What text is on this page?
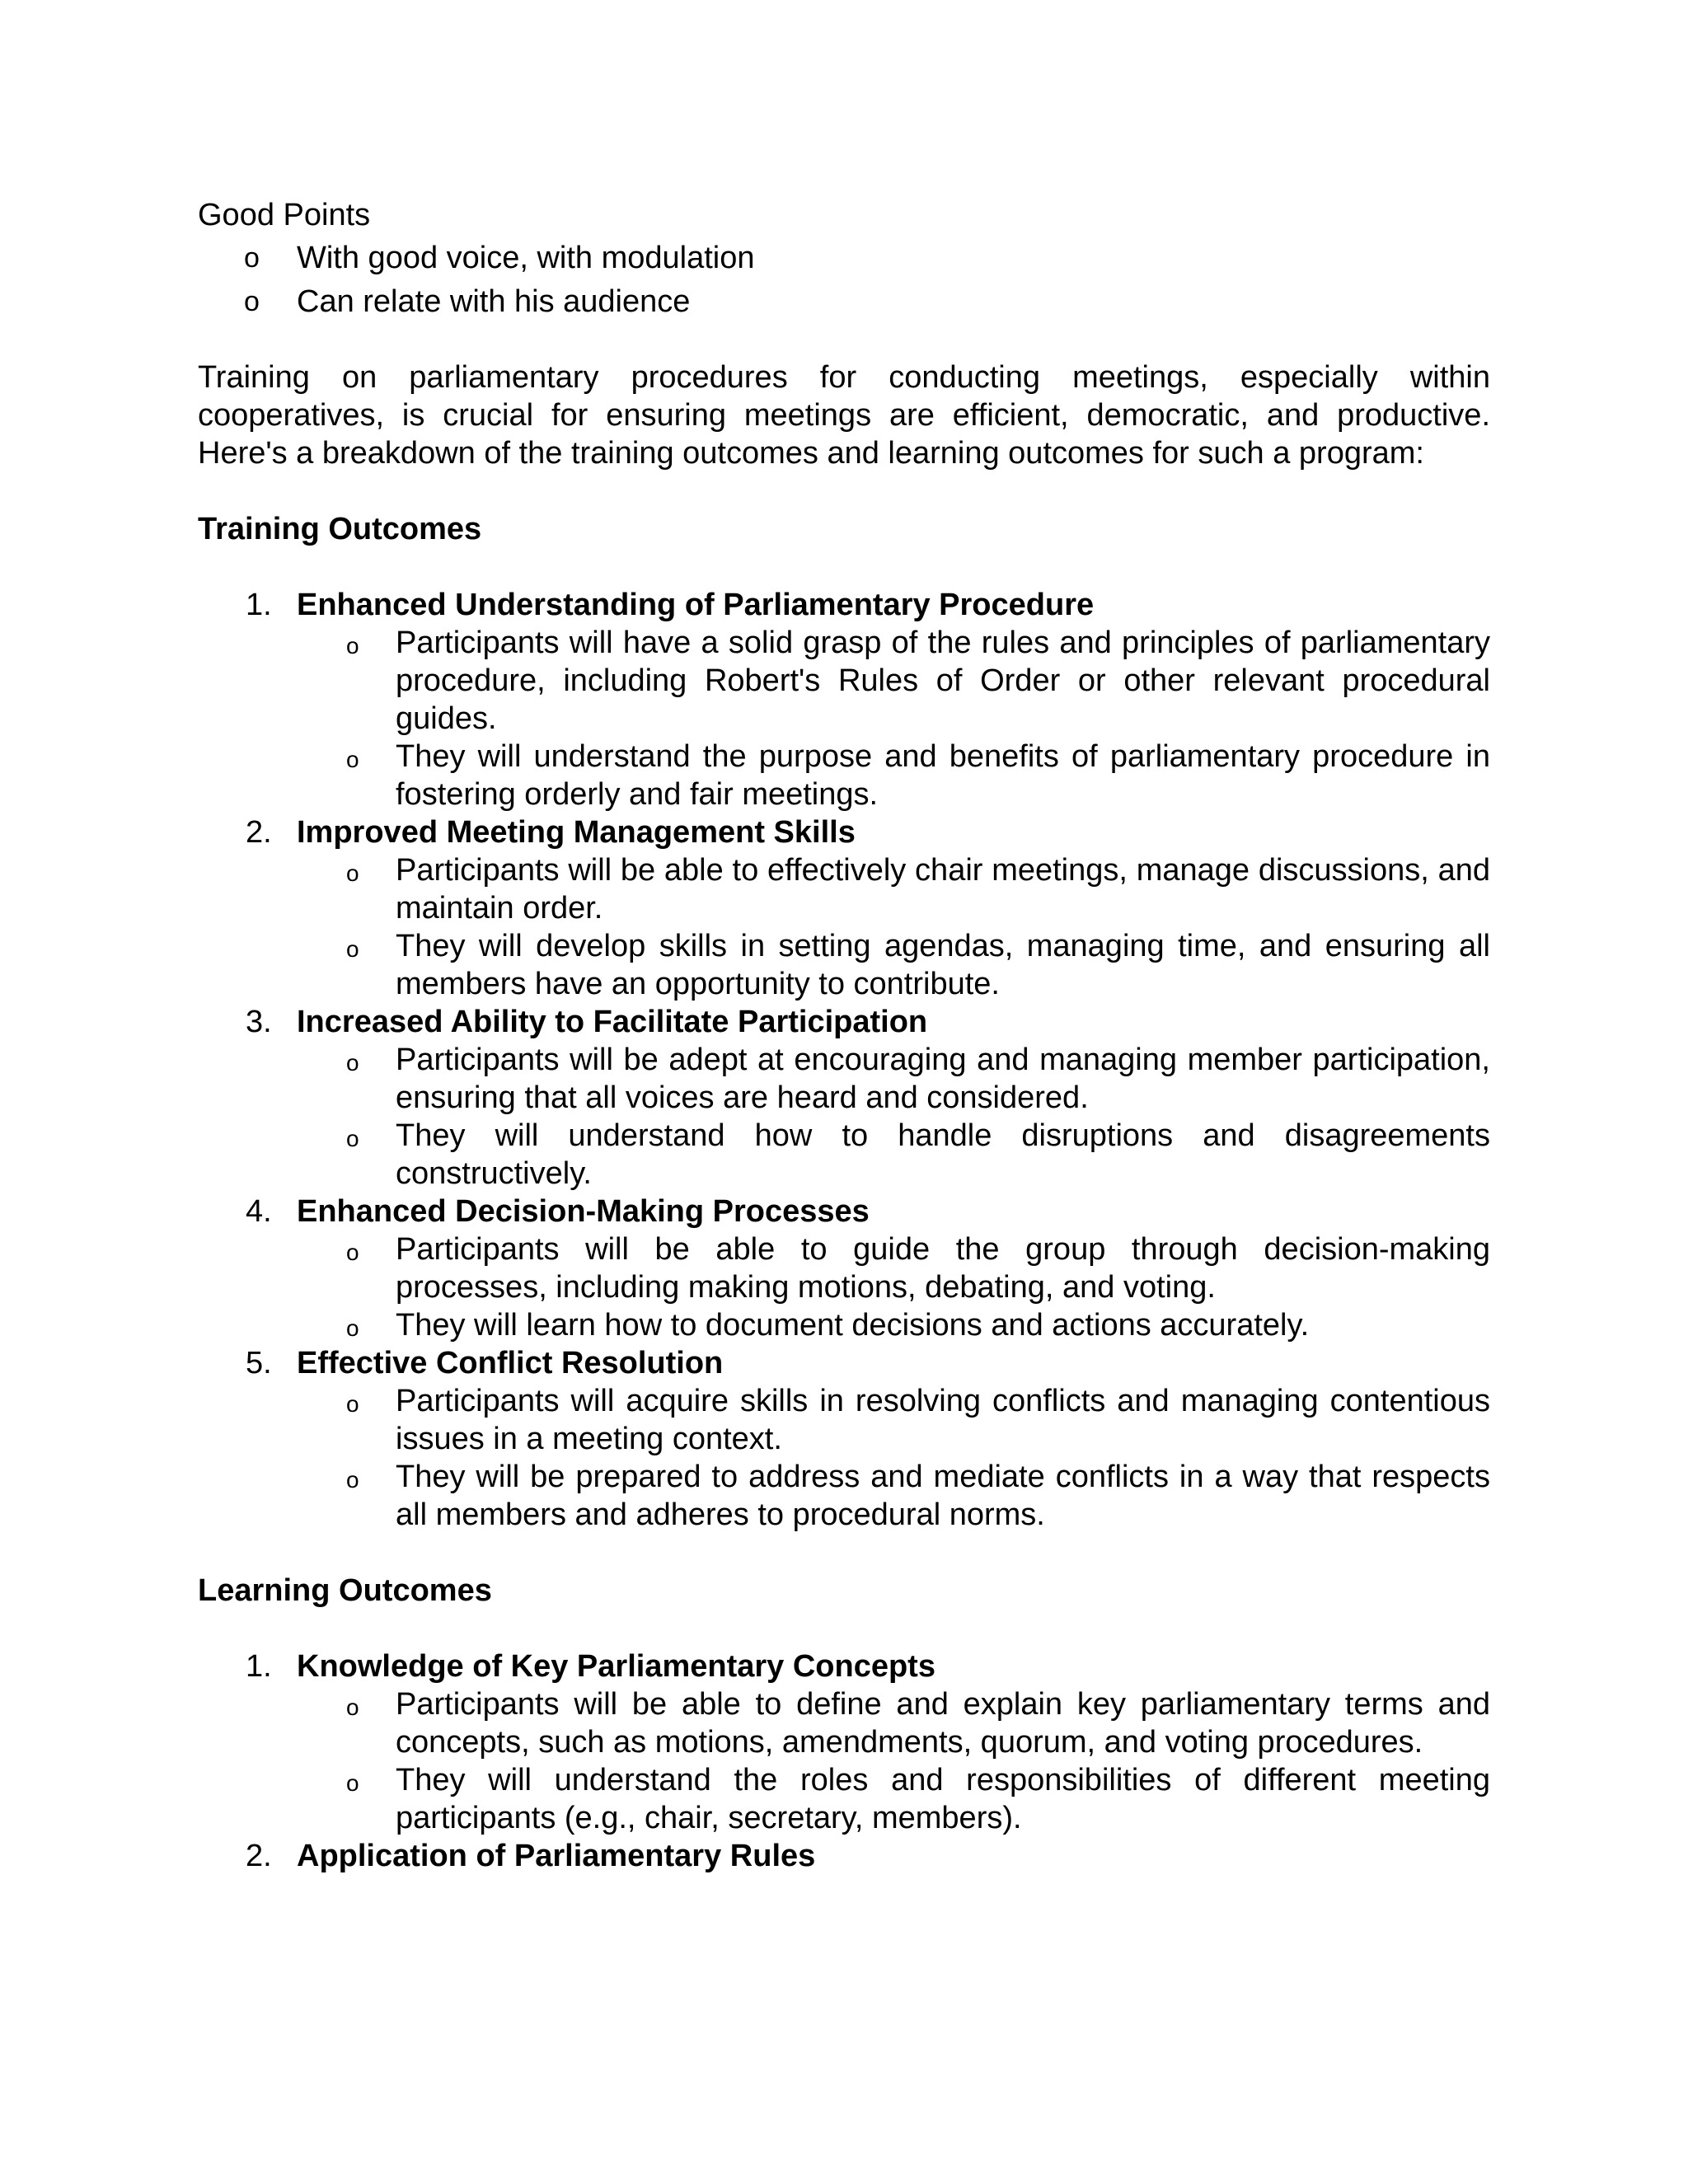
Good Points

o With good voice, with modulation
o Can relate with his audience

Training on parliamentary procedures for conducting meetings, especially within cooperatives, is crucial for ensuring meetings are efficient, democratic, and productive. Here's a breakdown of the training outcomes and learning outcomes for such a program:

Training Outcomes

1. Enhanced Understanding of Parliamentary Procedure
o Participants will have a solid grasp of the rules and principles of parliamentary procedure, including Robert's Rules of Order or other relevant procedural guides.
o They will understand the purpose and benefits of parliamentary procedure in fostering orderly and fair meetings.
2. Improved Meeting Management Skills
o Participants will be able to effectively chair meetings, manage discussions, and maintain order.
o They will develop skills in setting agendas, managing time, and ensuring all members have an opportunity to contribute.
3. Increased Ability to Facilitate Participation
o Participants will be adept at encouraging and managing member participation, ensuring that all voices are heard and considered.
o They will understand how to handle disruptions and disagreements constructively.
4. Enhanced Decision-Making Processes
o Participants will be able to guide the group through decision-making processes, including making motions, debating, and voting.
o They will learn how to document decisions and actions accurately.
5. Effective Conflict Resolution
o Participants will acquire skills in resolving conflicts and managing contentious issues in a meeting context.
o They will be prepared to address and mediate conflicts in a way that respects all members and adheres to procedural norms.

Learning Outcomes

1. Knowledge of Key Parliamentary Concepts
o Participants will be able to define and explain key parliamentary terms and concepts, such as motions, amendments, quorum, and voting procedures.
o They will understand the roles and responsibilities of different meeting participants (e.g., chair, secretary, members).
2. Application of Parliamentary Rules
